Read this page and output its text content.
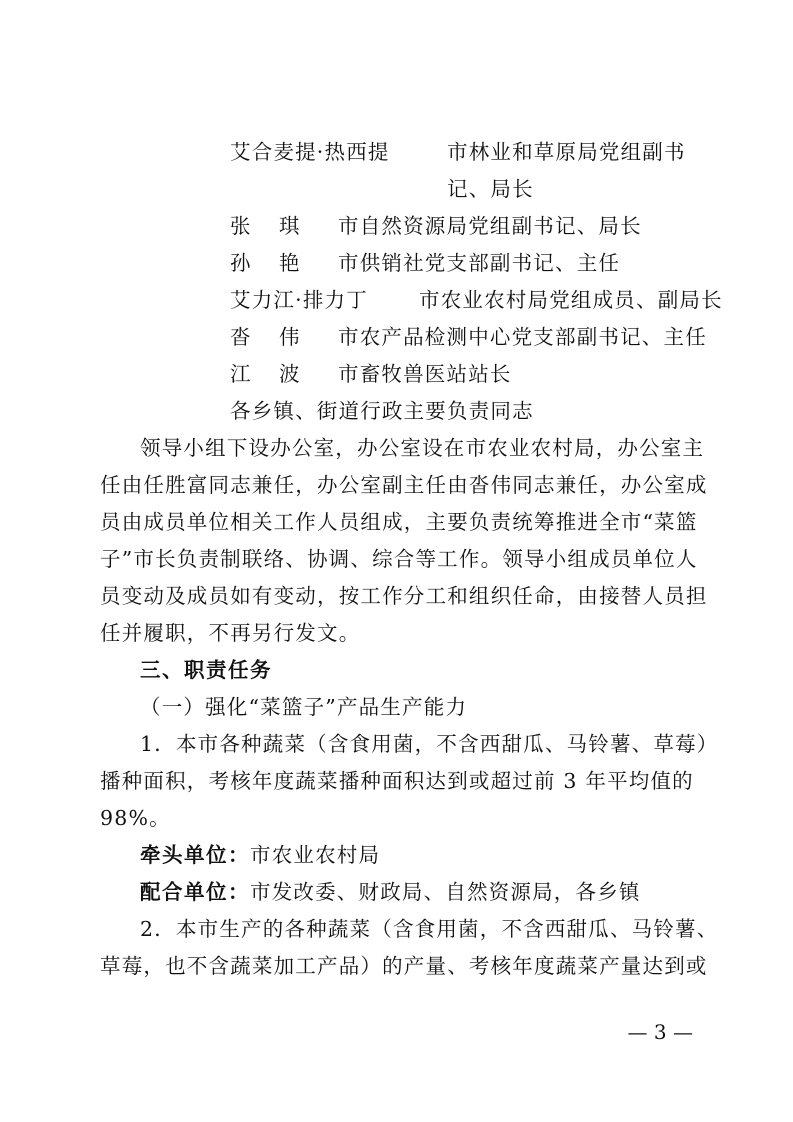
艾合麦提·热西提	市林业和草原局党组副书
记、局长
张　琪 市自然资源局党组副书记、局长
孙　艳 市供销社党支部副书记、主任
艾力江·排力丁 市农业农村局党组成员、副局长
沓　伟 市农产品检测中心党支部副书记、主任
江　波 市畜牧兽医站站长
各乡镇、街道行政主要负责同志
领导小组下设办公室，办公室设在市农业农村局，办公室主
任由任胜富同志兼任，办公室副主任由沓伟同志兼任，办公室成
员由成员单位相关工作人员组成，主要负责统筹推进全市“菜篮
子”市长负责制联络、协调、综合等工作。领导小组成员单位人
员变动及成员如有变动，按工作分工和组织任命，由接替人员担
任并履职，不再另行发文。
三、职责任务
（一）强化“菜篮子”产品生产能力
1．本市各种蔬菜（含食用菌，不含西甜瓜、马铃薯、草莓）
播种面积，考核年度蔬菜播种面积达到或超过前 3 年平均值的
98%。
牵头单位：市农业农村局
配合单位：市发改委、财政局、自然资源局，各乡镇
2．本市生产的各种蔬菜（含食用菌，不含西甜瓜、马铃薯、
草莓，也不含蔬菜加工产品）的产量、考核年度蔬菜产量达到或
— 3 —
